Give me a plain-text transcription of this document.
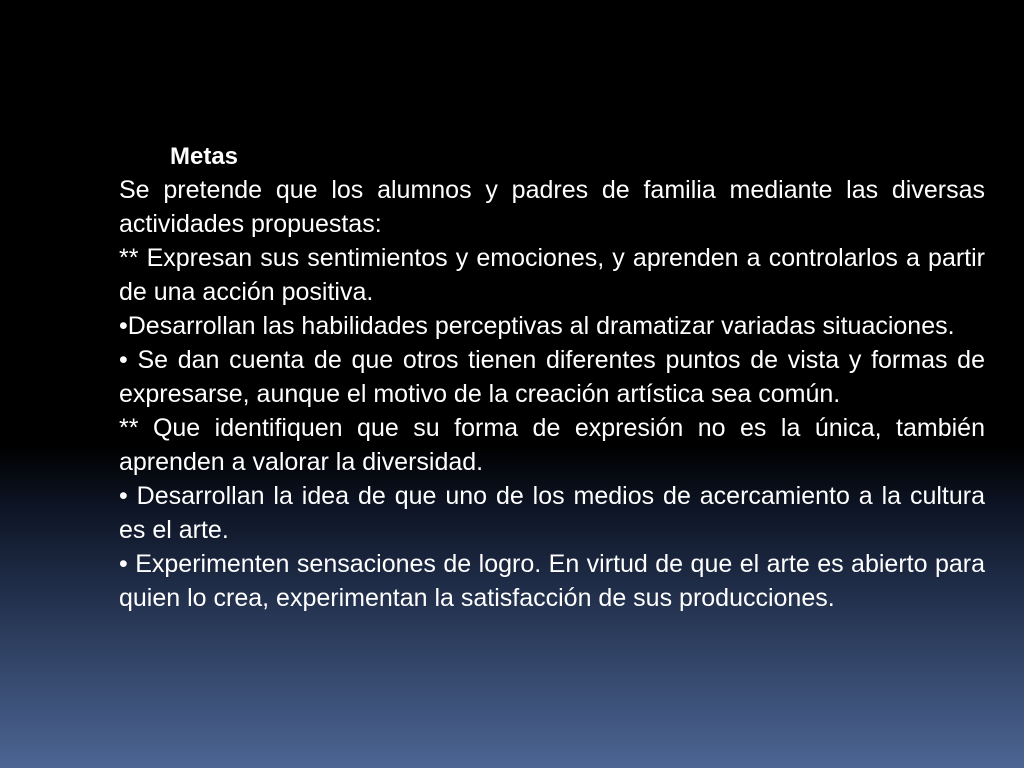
Metas

Se pretende que los alumnos y padres de familia mediante las diversas actividades propuestas:

** Expresan sus sentimientos y emociones, y aprenden a controlarlos a partir de una acción positiva.

•Desarrollan las habilidades perceptivas al dramatizar variadas situaciones.

• Se dan cuenta de que otros tienen diferentes puntos de vista y formas de expresarse, aunque el motivo de la creación artística sea común.

** Que identifiquen que su forma de expresión no es la única, también aprenden a valorar la diversidad.

• Desarrollan la idea de que uno de los medios de acercamiento a la cultura es el arte.

• Experimenten sensaciones de logro. En virtud de que el arte es abierto para quien lo crea, experimentan la satisfacción de sus producciones.
